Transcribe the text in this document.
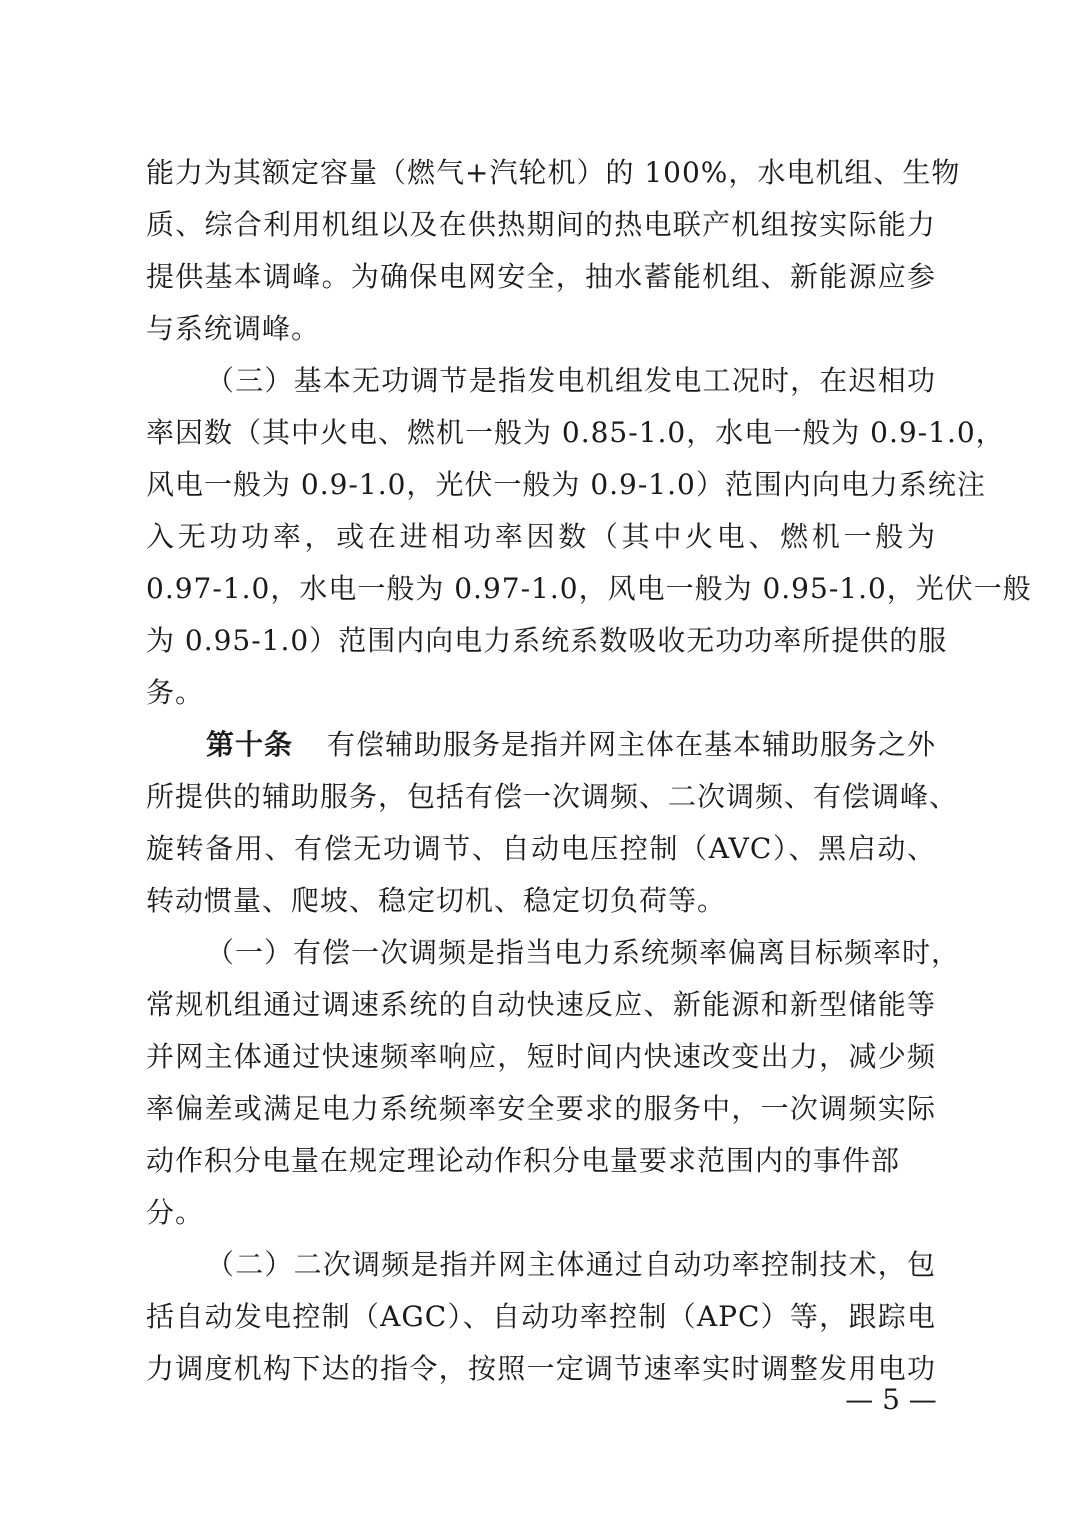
能力为其额定容量（燃气+汽轮机）的 100%，水电机组、生物
质、综合利用机组以及在供热期间的热电联产机组按实际能力
提供基本调峰。为确保电网安全，抽水蓄能机组、新能源应参
与系统调峰。
（三）基本无功调节是指发电机组发电工况时，在迟相功
率因数（其中火电、燃机一般为 0.85-1.0，水电一般为 0.9-1.0，
风电一般为 0.9-1.0，光伏一般为 0.9-1.0）范围内向电力系统注
入无功功率，或在进相功率因数（其中火电、燃机一般为
0.97-1.0，水电一般为 0.97-1.0，风电一般为 0.95-1.0，光伏一般
为 0.95-1.0）范围内向电力系统系数吸收无功功率所提供的服
务。
第十条 有偿辅助服务是指并网主体在基本辅助服务之外
所提供的辅助服务，包括有偿一次调频、二次调频、有偿调峰、
旋转备用、有偿无功调节、自动电压控制（AVC）、黑启动、
转动惯量、爬坡、稳定切机、稳定切负荷等。
（一）有偿一次调频是指当电力系统频率偏离目标频率时，
常规机组通过调速系统的自动快速反应、新能源和新型储能等
并网主体通过快速频率响应，短时间内快速改变出力，减少频
率偏差或满足电力系统频率安全要求的服务中，一次调频实际
动作积分电量在规定理论动作积分电量要求范围内的事件部
分。
（二）二次调频是指并网主体通过自动功率控制技术，包
括自动发电控制（AGC）、自动功率控制（APC）等，跟踪电
力调度机构下达的指令，按照一定调节速率实时调整发用电功
— 5 —
